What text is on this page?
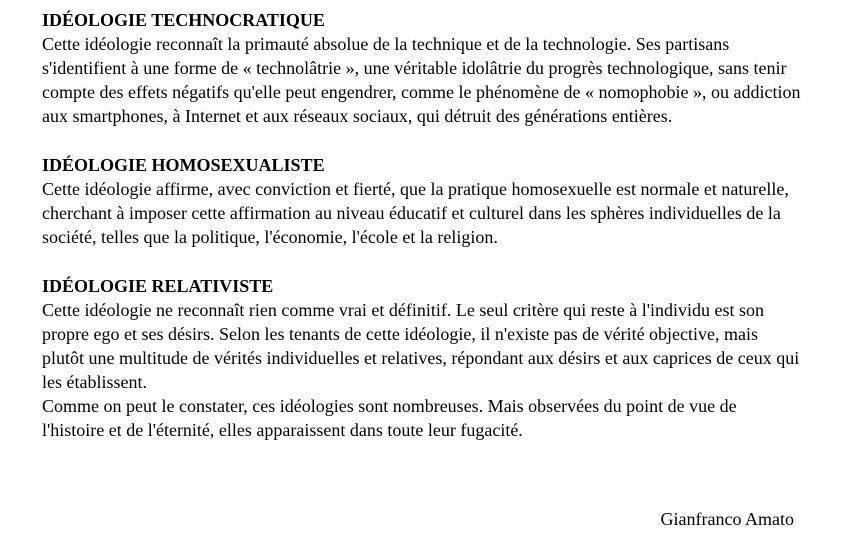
IDÉOLOGIE TECHNOCRATIQUE

Cette idéologie reconnaît la primauté absolue de la technique et de la technologie. Ses partisans s'identifient à une forme de « technolâtrie », une véritable idolâtrie du progrès technologique, sans tenir compte des effets négatifs qu'elle peut engendrer, comme le phénomène de « nomophobie », ou addiction aux smartphones, à Internet et aux réseaux sociaux, qui détruit des générations entières.

IDÉOLOGIE HOMOSEXUALISTE

Cette idéologie affirme, avec conviction et fierté, que la pratique homosexuelle est normale et naturelle, cherchant à imposer cette affirmation au niveau éducatif et culturel dans les sphères individuelles de la société, telles que la politique, l'économie, l'école et la religion.

IDÉOLOGIE RELATIVISTE

Cette idéologie ne reconnaît rien comme vrai et définitif. Le seul critère qui reste à l'individu est son propre ego et ses désirs. Selon les tenants de cette idéologie, il n'existe pas de vérité objective, mais plutôt une multitude de vérités individuelles et relatives, répondant aux désirs et aux caprices de ceux qui les établissent.

Comme on peut le constater, ces idéologies sont nombreuses. Mais observées du point de vue de l'histoire et de l'éternité, elles apparaissent dans toute leur fugacité.

Gianfranco Amato
